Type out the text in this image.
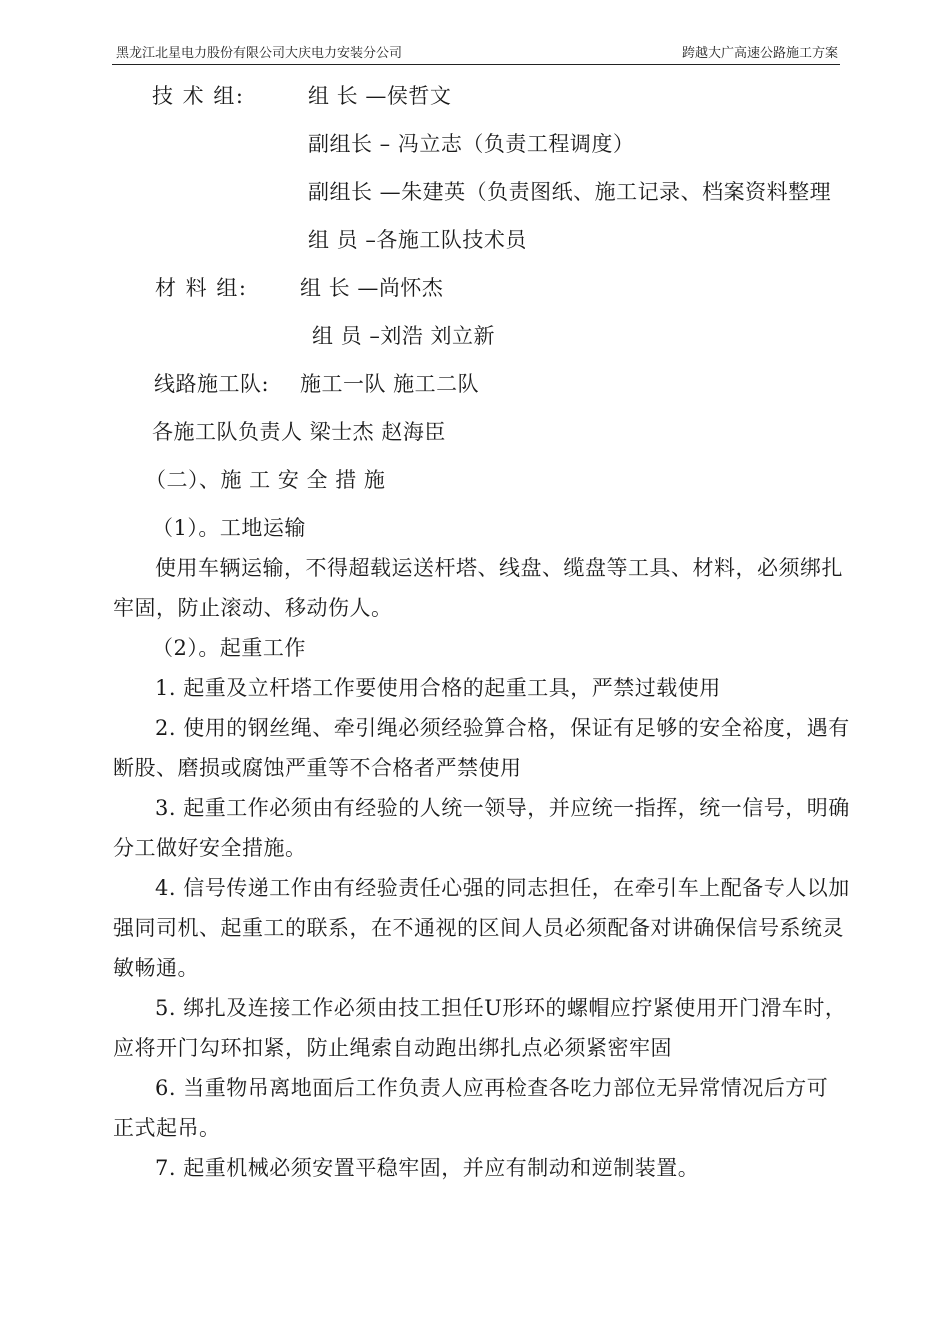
黑龙江北星电力股份有限公司大庆电力安装分公司	跨越大广高速公路施工方案
技 术 组:	组 长 —侯哲文
副组长 – 冯立志（负责工程调度）
副组长 —朱建英（负责图纸、施工记录、档案资料整理
组 员 –各施工队技术员
材 料 组:	组 长 —尚怀杰
组 员 –刘浩 刘立新
线路施工队: 施工一队 施工二队
各施工队负责人 梁士杰 赵海臣
（二）、施 工 安 全 措 施
（1）。工地运输
使用车辆运输，不得超载运送杆塔、线盘、缆盘等工具、材料，必须绑扎
牢固，防止滚动、移动伤人。
（2）。起重工作
1. 起重及立杆塔工作要使用合格的起重工具，严禁过载使用
2. 使用的钢丝绳、牵引绳必须经验算合格，保证有足够的安全裕度，遇有
断股、磨损或腐蚀严重等不合格者严禁使用
3. 起重工作必须由有经验的人统一领导，并应统一指挥，统一信号，明确
分工做好安全措施。
4. 信号传递工作由有经验责任心强的同志担任，在牵引车上配备专人以加
强同司机、起重工的联系，在不通视的区间人员必须配备对讲确保信号系统灵
敏畅通。
5. 绑扎及连接工作必须由技工担任U形环的螺帽应拧紧使用开门滑车时，
应将开门勾环扣紧，防止绳索自动跑出绑扎点必须紧密牢固
6. 当重物吊离地面后工作负责人应再检查各吃力部位无异常情况后方可
正式起吊。
7. 起重机械必须安置平稳牢固，并应有制动和逆制装置。
